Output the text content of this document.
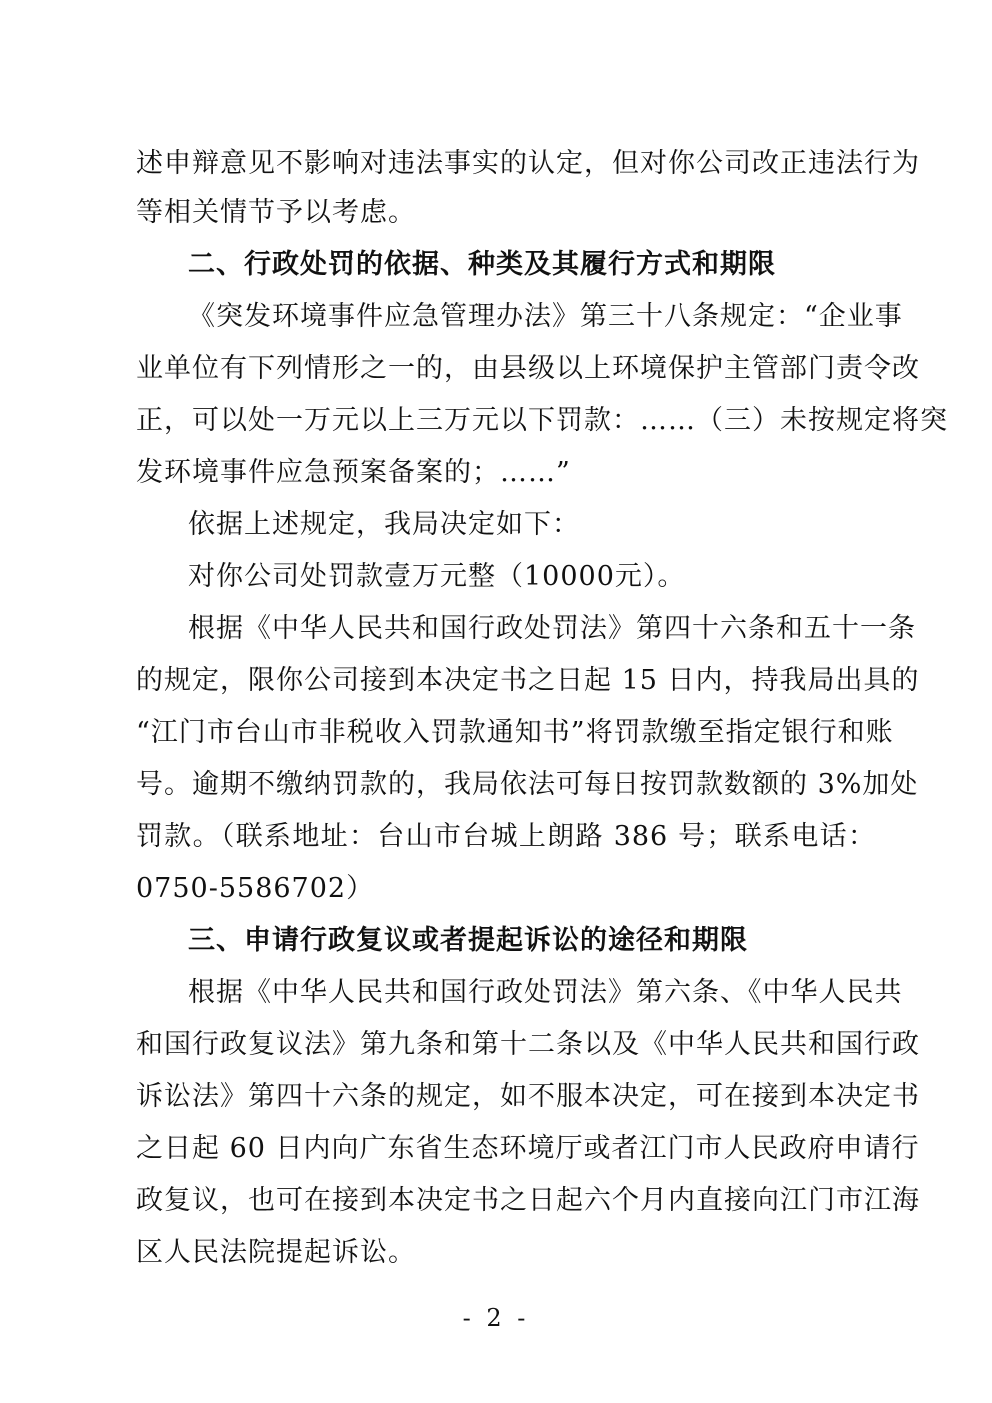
述申辩意见不影响对违法事实的认定，但对你公司改正违法行为
等相关情节予以考虑。
二、行政处罚的依据、种类及其履行方式和期限
《突发环境事件应急管理办法》第三十八条规定：“企业事
业单位有下列情形之一的，由县级以上环境保护主管部门责令改
正，可以处一万元以上三万元以下罚款：……（三）未按规定将突
发环境事件应急预案备案的；……”
依据上述规定，我局决定如下：
对你公司处罚款壹万元整（10000元）。
根据《中华人民共和国行政处罚法》第四十六条和五十一条
的规定，限你公司接到本决定书之日起 15 日内，持我局出具的
“江门市台山市非税收入罚款通知书”将罚款缴至指定银行和账
号。逾期不缴纳罚款的，我局依法可每日按罚款数额的 3%加处
罚款。（联系地址：台山市台城上朗路 386 号；联系电话：
0750-5586702）
三、申请行政复议或者提起诉讼的途径和期限
根据《中华人民共和国行政处罚法》第六条、《中华人民共
和国行政复议法》第九条和第十二条以及《中华人民共和国行政
诉讼法》第四十六条的规定，如不服本决定，可在接到本决定书
之日起 60 日内向广东省生态环境厅或者江门市人民政府申请行
政复议，也可在接到本决定书之日起六个月内直接向江门市江海
区人民法院提起诉讼。
- 2 -
